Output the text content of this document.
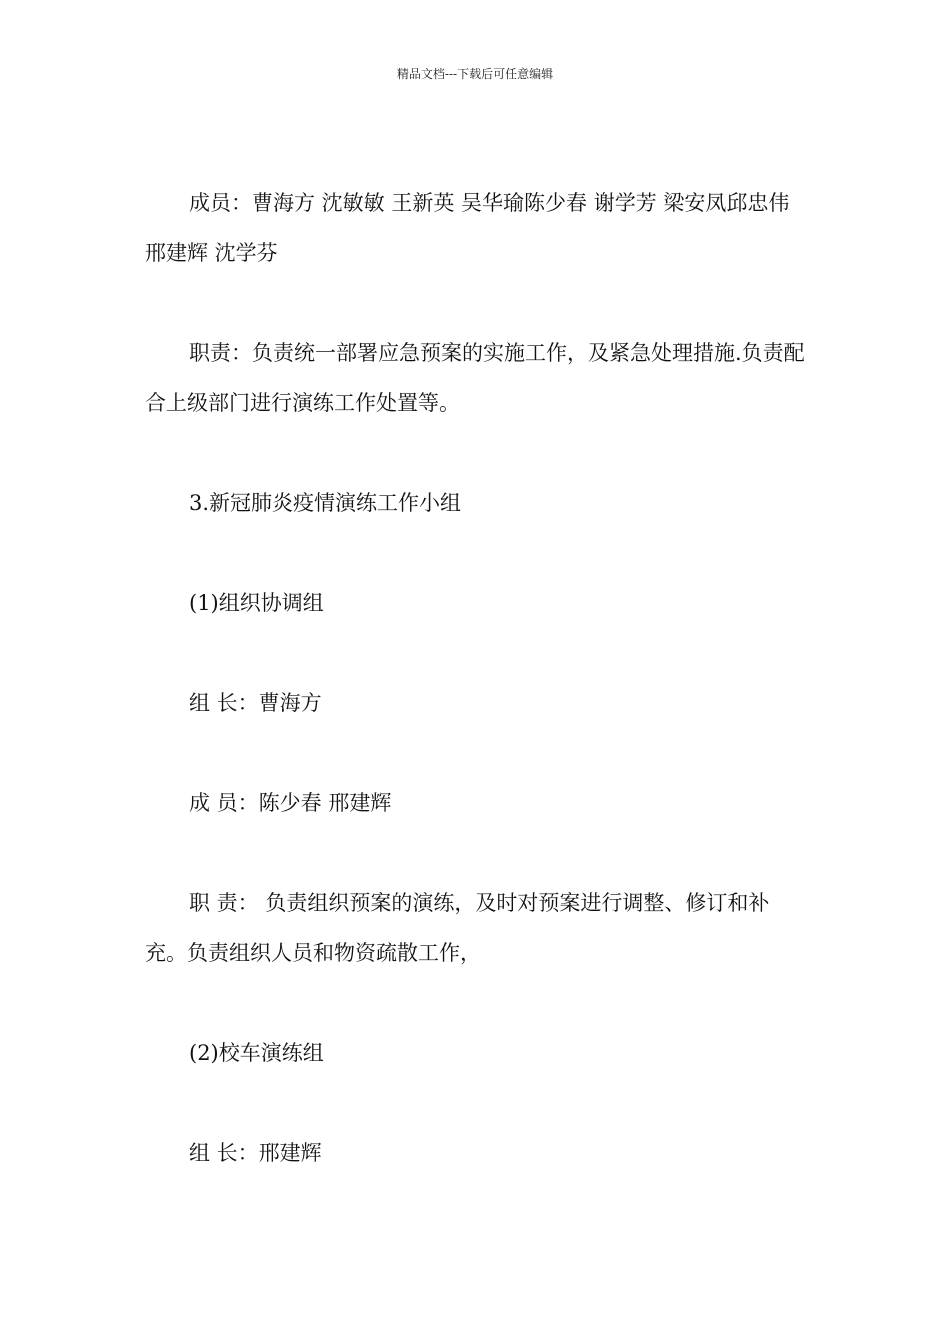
精品文档---下载后可任意编辑

成员：曹海方 沈敏敏 王新英 吴华瑜陈少春 谢学芳 梁安凤邱忠伟 邢建辉 沈学芬

职责：负责统一部署应急预案的实施工作，及紧急处理措施.负责配合上级部门进行演练工作处置等。

3.新冠肺炎疫情演练工作小组

(1)组织协调组

组 长：曹海方

成 员：陈少春 邢建辉

职 责： 负责组织预案的演练，及时对预案进行调整、修订和补充。负责组织人员和物资疏散工作，

(2)校车演练组

组 长：邢建辉
